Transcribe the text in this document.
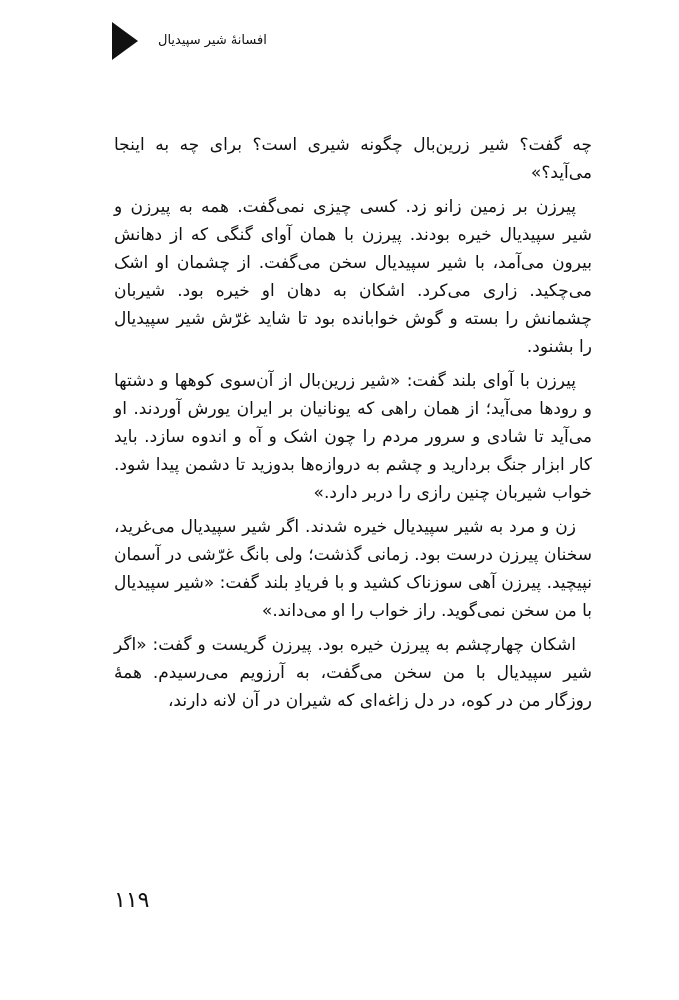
افسانهٔ شیر سپیدیال

چه گفت؟ شیر زرین‌بال چگونه شیری است؟ برای چه به اینجا می‌آید؟»

پیرزن بر زمین زانو زد. کسی چیزی نمی‌گفت. همه به پیرزن و شیر سپیدیال خیره بودند. پیرزن با همان آوای گنگی که از دهانش بیرون می‌آمد، با شیر سپیدیال سخن می‌گفت. از چشمان او اشک می‌چکید. زاری می‌کرد. اشکان به دهان او خیره بود. شیربان چشمانش را بسته و گوش خوابانده بود تا شاید غرّش شیر سپیدیال را بشنود.

پیرزن با آوای بلند گفت: «شیر زرین‌بال از آن‌سوی کوهها و دشتها و رودها می‌آید؛ از همان راهی که یونانیان بر ایران یورش آوردند. او می‌آید تا شادی و سرور مردم را چون اشک و آه و اندوه سازد. باید کار ابزار جنگ بردارید و چشم به دروازه‌ها بدوزید تا دشمن پیدا شود. خواب شیربان چنین رازی را دربر دارد.»

زن و مرد به شیر سپیدیال خیره شدند. اگر شیر سپیدیال می‌غرید، سخنان پیرزن درست بود. زمانی گذشت؛ ولی بانگ غرّشی در آسمان نپیچید. پیرزن آهی سوزناک کشید و با فریادِ بلند گفت: «شیر سپیدیال با من سخن نمی‌گوید. راز خواب را او می‌داند.»

اشکان چهارچشم به پیرزن خیره بود. پیرزن گریست و گفت: «اگر شیر سپیدیال با من سخن می‌گفت، به آرزویم می‌رسیدم. همهٔ روزگار من در کوه، در دل زاغه‌ای که شیران در آن لانه دارند،

۱۱۹
